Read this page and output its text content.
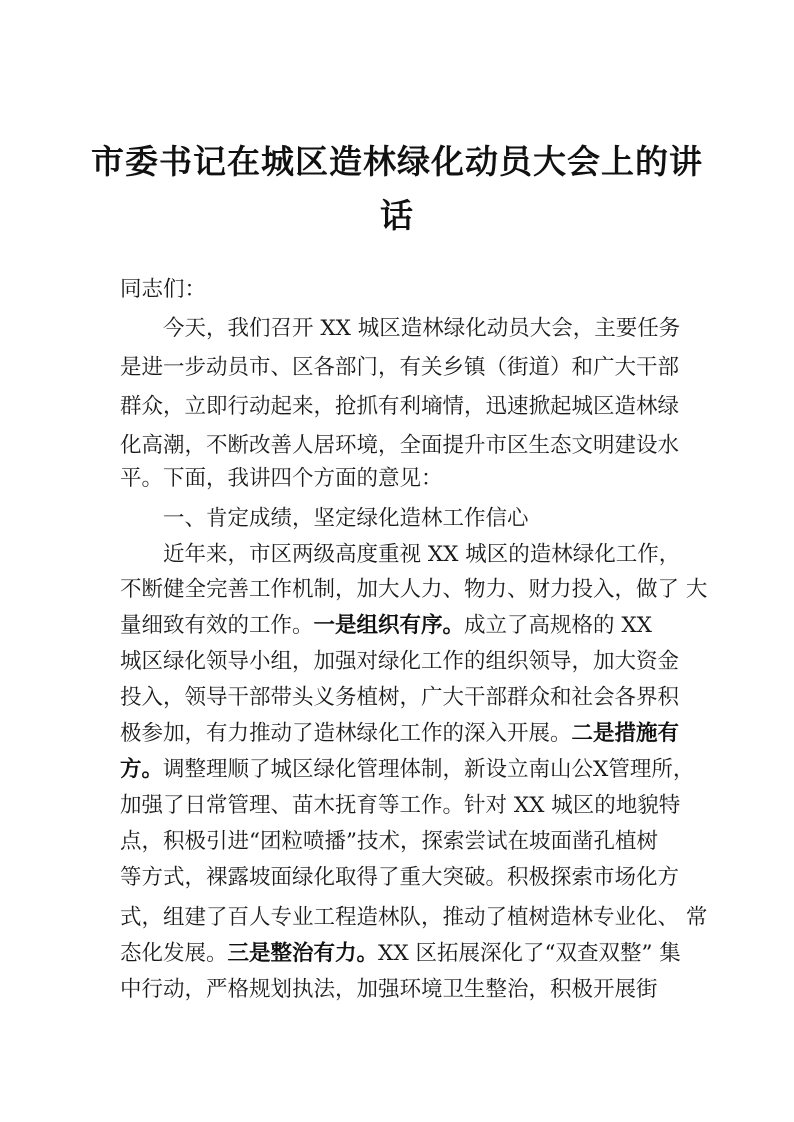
市委书记在城区造林绿化动员大会上的讲
话
同志们：
今天，我们召开 XX 城区造林绿化动员大会，主要任务
是进一步动员市、区各部门，有关乡镇（街道）和广大干部
群众，立即行动起来，抢抓有利墒情，迅速掀起城区造林绿
化高潮，不断改善人居环境，全面提升市区生态文明建设水
平。下面，我讲四个方面的意见：
一、肯定成绩，坚定绿化造林工作信心
近年来，市区两级高度重视 XX 城区的造林绿化工作，
不断健全完善工作机制，加大人力、物力、财力投入，做了 大
量细致有效的工作。一是组织有序。成立了高规格的 XX
城区绿化领导小组，加强对绿化工作的组织领导，加大资金
投入，领导干部带头义务植树，广大干部群众和社会各界积
极参加，有力推动了造林绿化工作的深入开展。二是措施有
方。调整理顺了城区绿化管理体制，新设立南山公X管理所，
加强了日常管理、苗木抚育等工作。针对 XX 城区的地貌特
点，积极引进“团粒喷播”技术，探索尝试在坡面凿孔植树
等方式，裸露坡面绿化取得了重大突破。积极探索市场化方
式，组建了百人专业工程造林队，推动了植树造林专业化、 常
态化发展。三是整治有力。XX 区拓展深化了“双查双整” 集
中行动，严格规划执法，加强环境卫生整治，积极开展街
